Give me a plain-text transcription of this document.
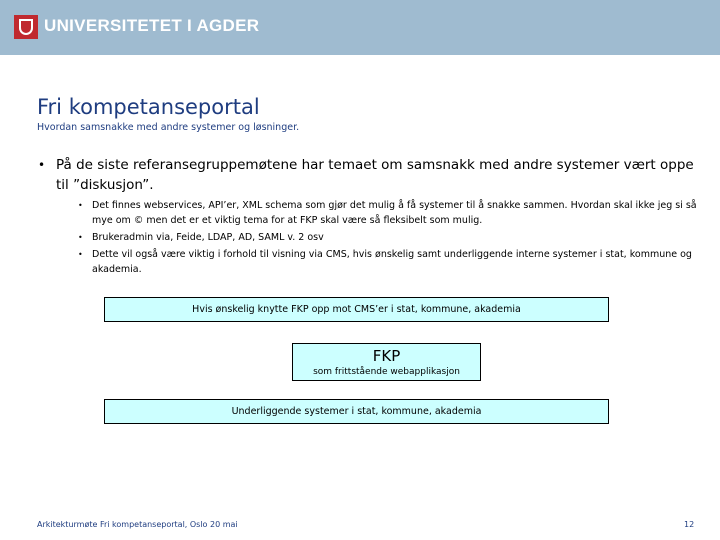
UNIVERSITETET I AGDER
Fri kompetanseportal
Hvordan samsnakke med andre systemer og løsninger.
• På de siste referansegruppemøtene har temaet om samsnakk med andre systemer vært oppe til ”diskusjon”.
• Det finnes webservices, API’er, XML schema som gjør det mulig å få systemer til å snakke sammen. Hvordan skal ikke jeg si så mye om © men det er et viktig tema for at FKP skal være så fleksibelt som mulig.
• Brukeradmin via, Feide, LDAP, AD, SAML v. 2 osv
• Dette vil også være viktig i forhold til visning via CMS, hvis ønskelig samt underliggende interne systemer i stat, kommune og akademia.
Hvis ønskelig knytte FKP opp mot CMS’er i stat, kommune, akademia
FKP
som frittstående webapplikasjon
Underliggende systemer i stat, kommune, akademia
Arkitekturmøte Fri kompetanseportal, Oslo 20 mai	12
